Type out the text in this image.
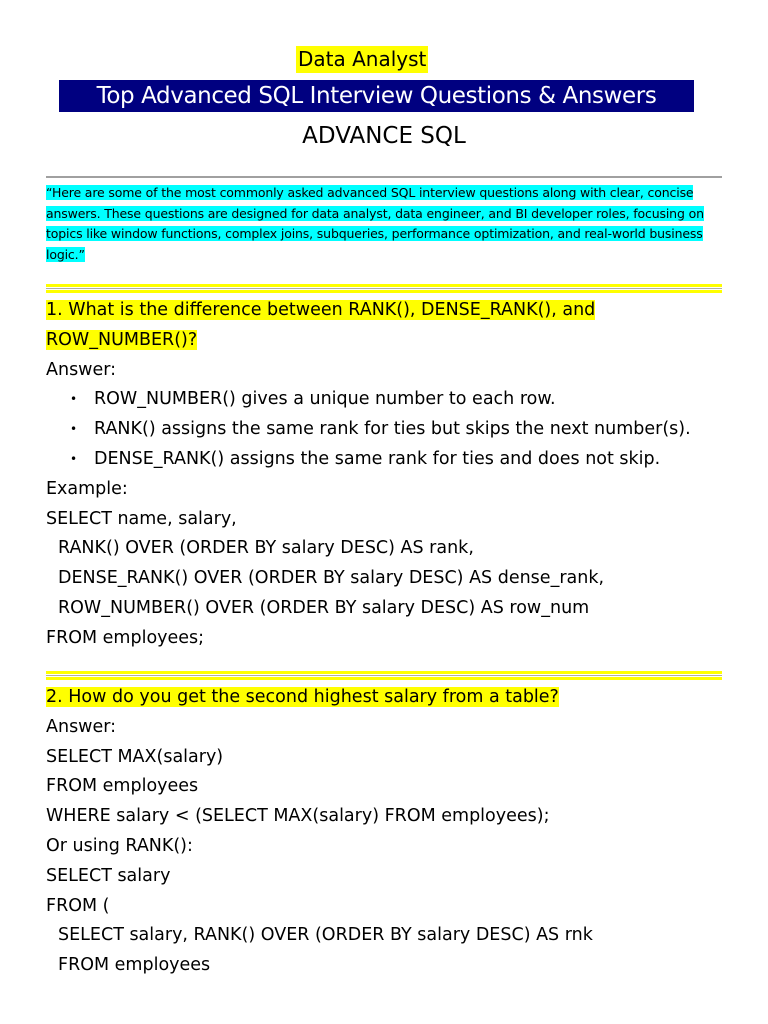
Data Analyst
Top Advanced SQL Interview Questions & Answers
ADVANCE SQL
“Here are some of the most commonly asked advanced SQL interview questions along with clear, concise answers. These questions are designed for data analyst, data engineer, and BI developer roles, focusing on topics like window functions, complex joins, subqueries, performance optimization, and real-world business logic.”
1. What is the difference between RANK(), DENSE_RANK(), and
ROW_NUMBER()?
Answer:
• ROW_NUMBER() gives a unique number to each row.
• RANK() assigns the same rank for ties but skips the next number(s).
• DENSE_RANK() assigns the same rank for ties and does not skip.
Example:
SELECT name, salary,
RANK() OVER (ORDER BY salary DESC) AS rank,
DENSE_RANK() OVER (ORDER BY salary DESC) AS dense_rank,
ROW_NUMBER() OVER (ORDER BY salary DESC) AS row_num
FROM employees;
2. How do you get the second highest salary from a table?
Answer:
SELECT MAX(salary)
FROM employees
WHERE salary < (SELECT MAX(salary) FROM employees);
Or using RANK():
SELECT salary
FROM (
SELECT salary, RANK() OVER (ORDER BY salary DESC) AS rnk
FROM employees
